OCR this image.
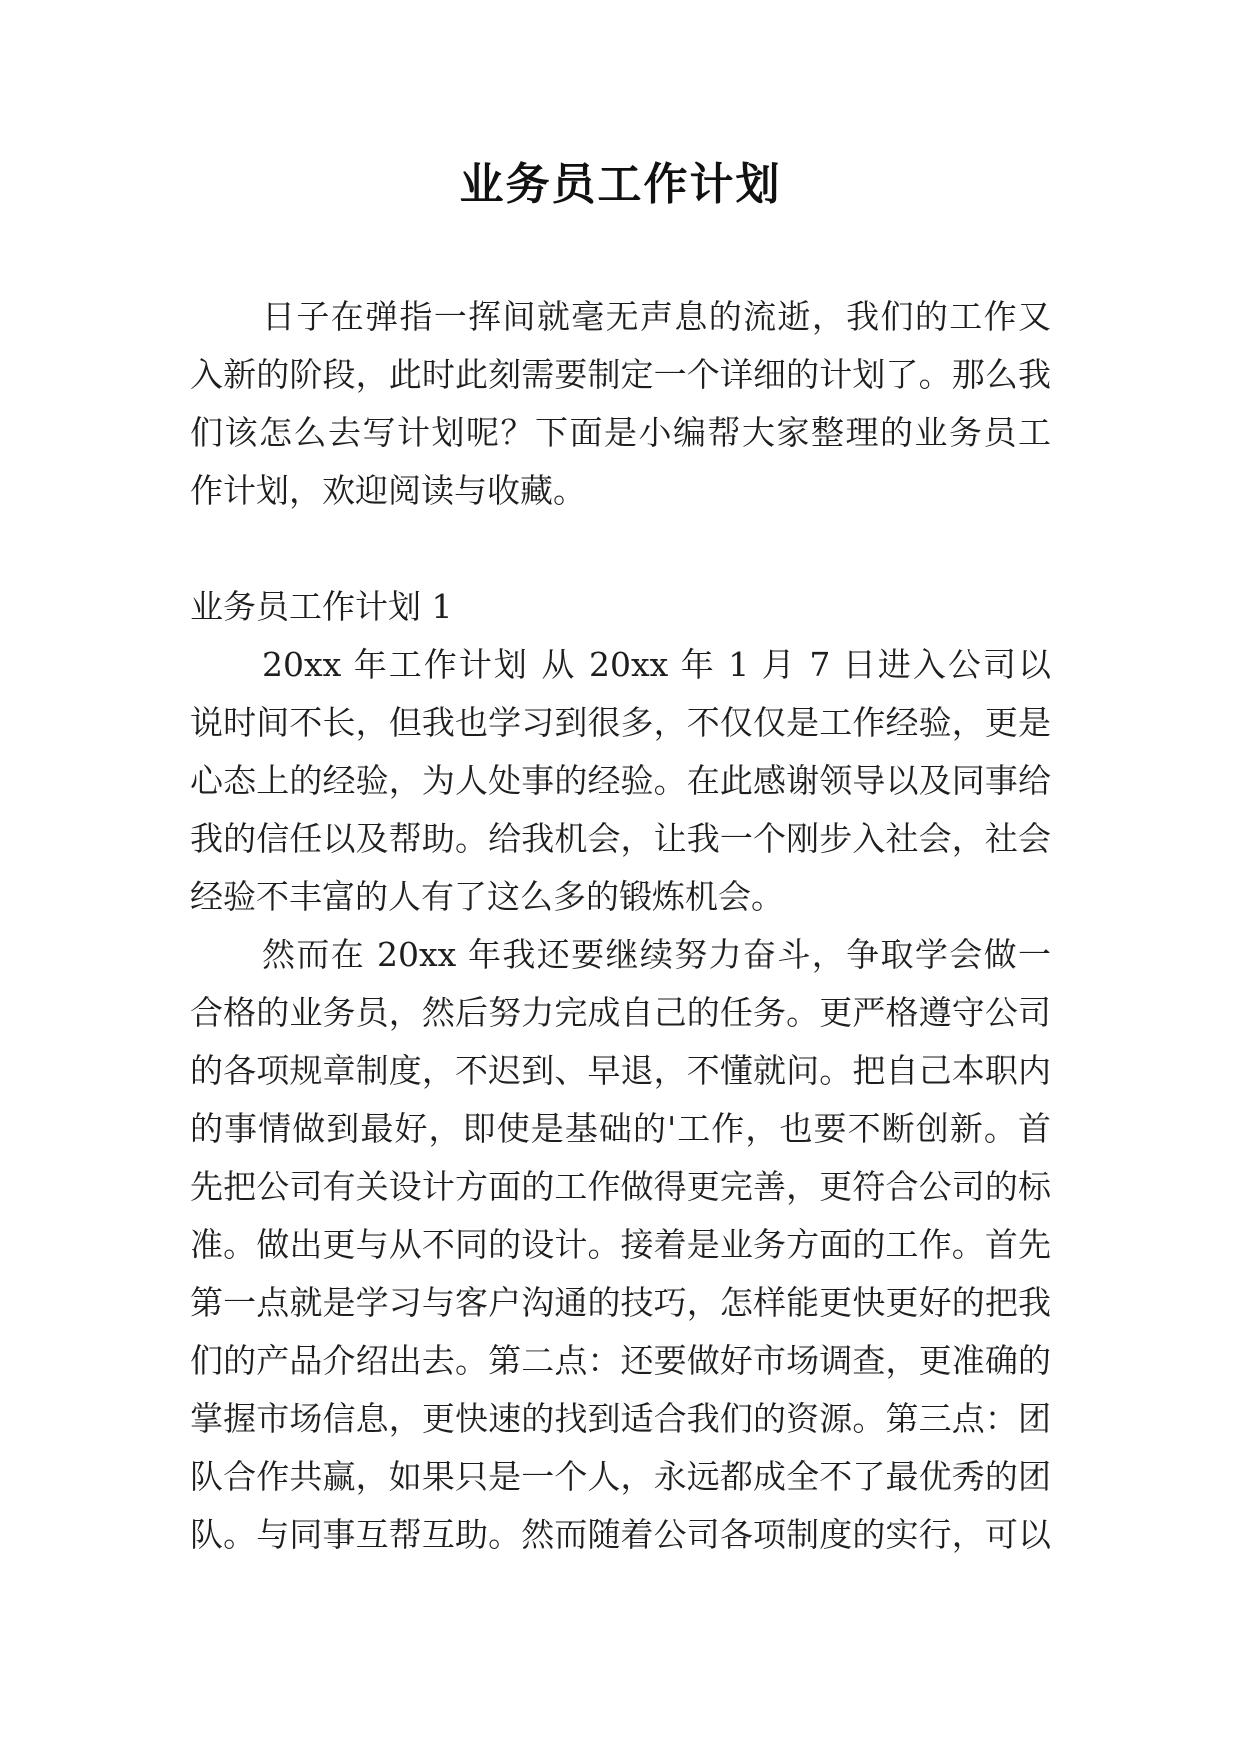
业务员工作计划
日子在弹指一挥间就毫无声息的流逝，我们的工作又
入新的阶段，此时此刻需要制定一个详细的计划了。那么我
们该怎么去写计划呢？下面是小编帮大家整理的业务员工
作计划，欢迎阅读与收藏。
业务员工作计划 1
20xx 年工作计划 从 20xx 年 1 月 7 日进入公司以
说时间不长，但我也学习到很多，不仅仅是工作经验，更是
心态上的经验，为人处事的经验。在此感谢领导以及同事给
我的信任以及帮助。给我机会，让我一个刚步入社会，社会
经验不丰富的人有了这么多的锻炼机会。
然而在 20xx 年我还要继续努力奋斗，争取学会做一
合格的业务员，然后努力完成自己的任务。更严格遵守公司
的各项规章制度，不迟到、早退，不懂就问。把自己本职内
的事情做到最好，即使是基础的'工作，也要不断创新。首
先把公司有关设计方面的工作做得更完善，更符合公司的标
准。做出更与从不同的设计。接着是业务方面的工作。首先
第一点就是学习与客户沟通的技巧，怎样能更快更好的把我
们的产品介绍出去。第二点：还要做好市场调查，更准确的
掌握市场信息，更快速的找到适合我们的资源。第三点：团
队合作共赢，如果只是一个人，永远都成全不了最优秀的团
队。与同事互帮互助。然而随着公司各项制度的实行，可以
